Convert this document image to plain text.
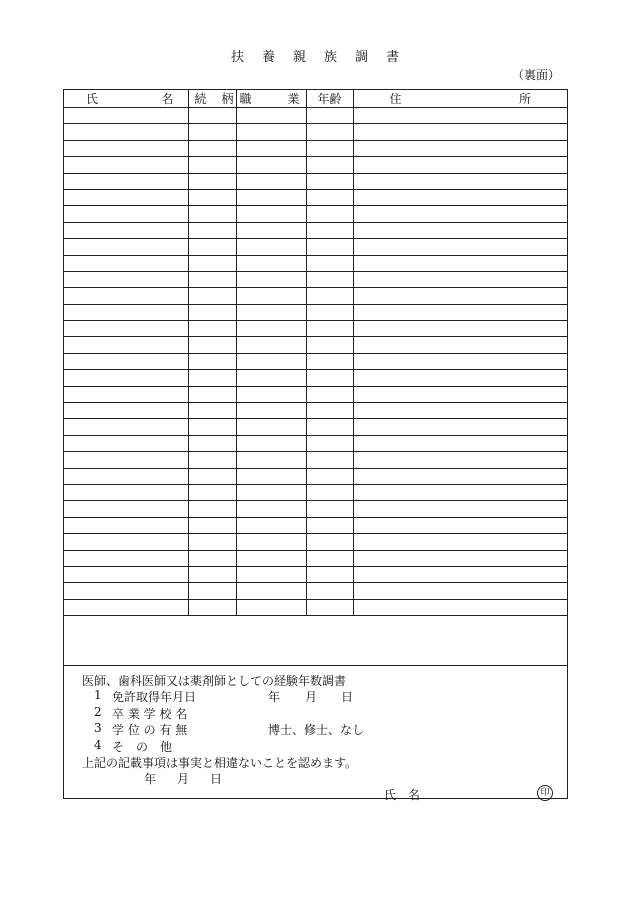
扶 養 親 族 調 書
（裏面）
氏 名	続 柄	職 業	年齢	住 所

医師、歯科医師又は薬剤師としての経験年数調書
1 免許取得年月日	年 月 日
2 卒 業 学 校 名
3 学 位 の 有 無	博士、修士、なし
4 そ　の　他
上記の記載事項は事実と相違ないことを認めます。
年 月 日
氏　名	印
